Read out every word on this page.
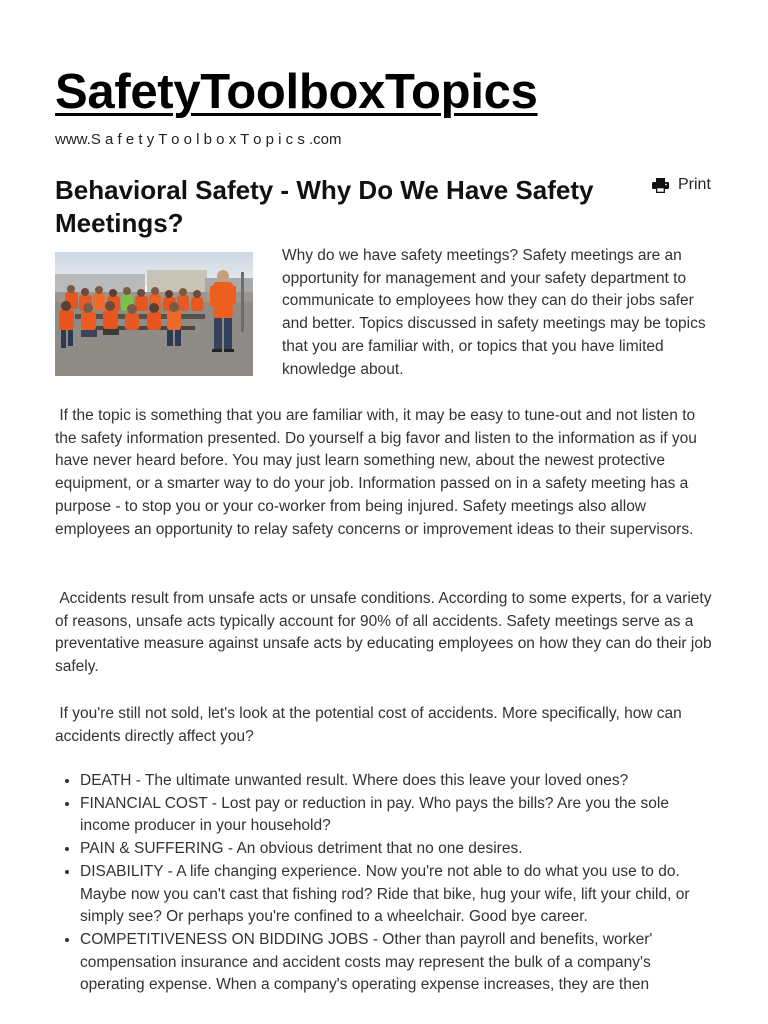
SafetyToolboxTopics
www.S a f e t y T o o l b o x T o p i c s .com
Behavioral Safety - Why Do We Have Safety Meetings?
Print

Why do we have safety meetings? Safety meetings are an opportunity for management and your safety department to communicate to employees how they can do their jobs safer and better. Topics discussed in safety meetings may be topics that you are familiar with, or topics that you have limited knowledge about.

If the topic is something that you are familiar with, it may be easy to tune-out and not listen to the safety information presented. Do yourself a big favor and listen to the information as if you have never heard before. You may just learn something new, about the newest protective equipment, or a smarter way to do your job. Information passed on in a safety meeting has a purpose - to stop you or your co-worker from being injured. Safety meetings also allow employees an opportunity to relay safety concerns or improvement ideas to their supervisors.

Accidents result from unsafe acts or unsafe conditions. According to some experts, for a variety of reasons, unsafe acts typically account for 90% of all accidents. Safety meetings serve as a preventative measure against unsafe acts by educating employees on how they can do their job safely.

If you're still not sold, let's look at the potential cost of accidents. More specifically, how can accidents directly affect you?

• DEATH - The ultimate unwanted result. Where does this leave your loved ones?
• FINANCIAL COST - Lost pay or reduction in pay. Who pays the bills? Are you the sole income producer in your household?
• PAIN & SUFFERING - An obvious detriment that no one desires.
• DISABILITY - A life changing experience. Now you're not able to do what you use to do. Maybe now you can't cast that fishing rod? Ride that bike, hug your wife, lift your child, or simply see? Or perhaps you're confined to a wheelchair. Good bye career.
• COMPETITIVENESS ON BIDDING JOBS - Other than payroll and benefits, worker' compensation insurance and accident costs may represent the bulk of a company's operating expense. When a company's operating expense increases, they are then
